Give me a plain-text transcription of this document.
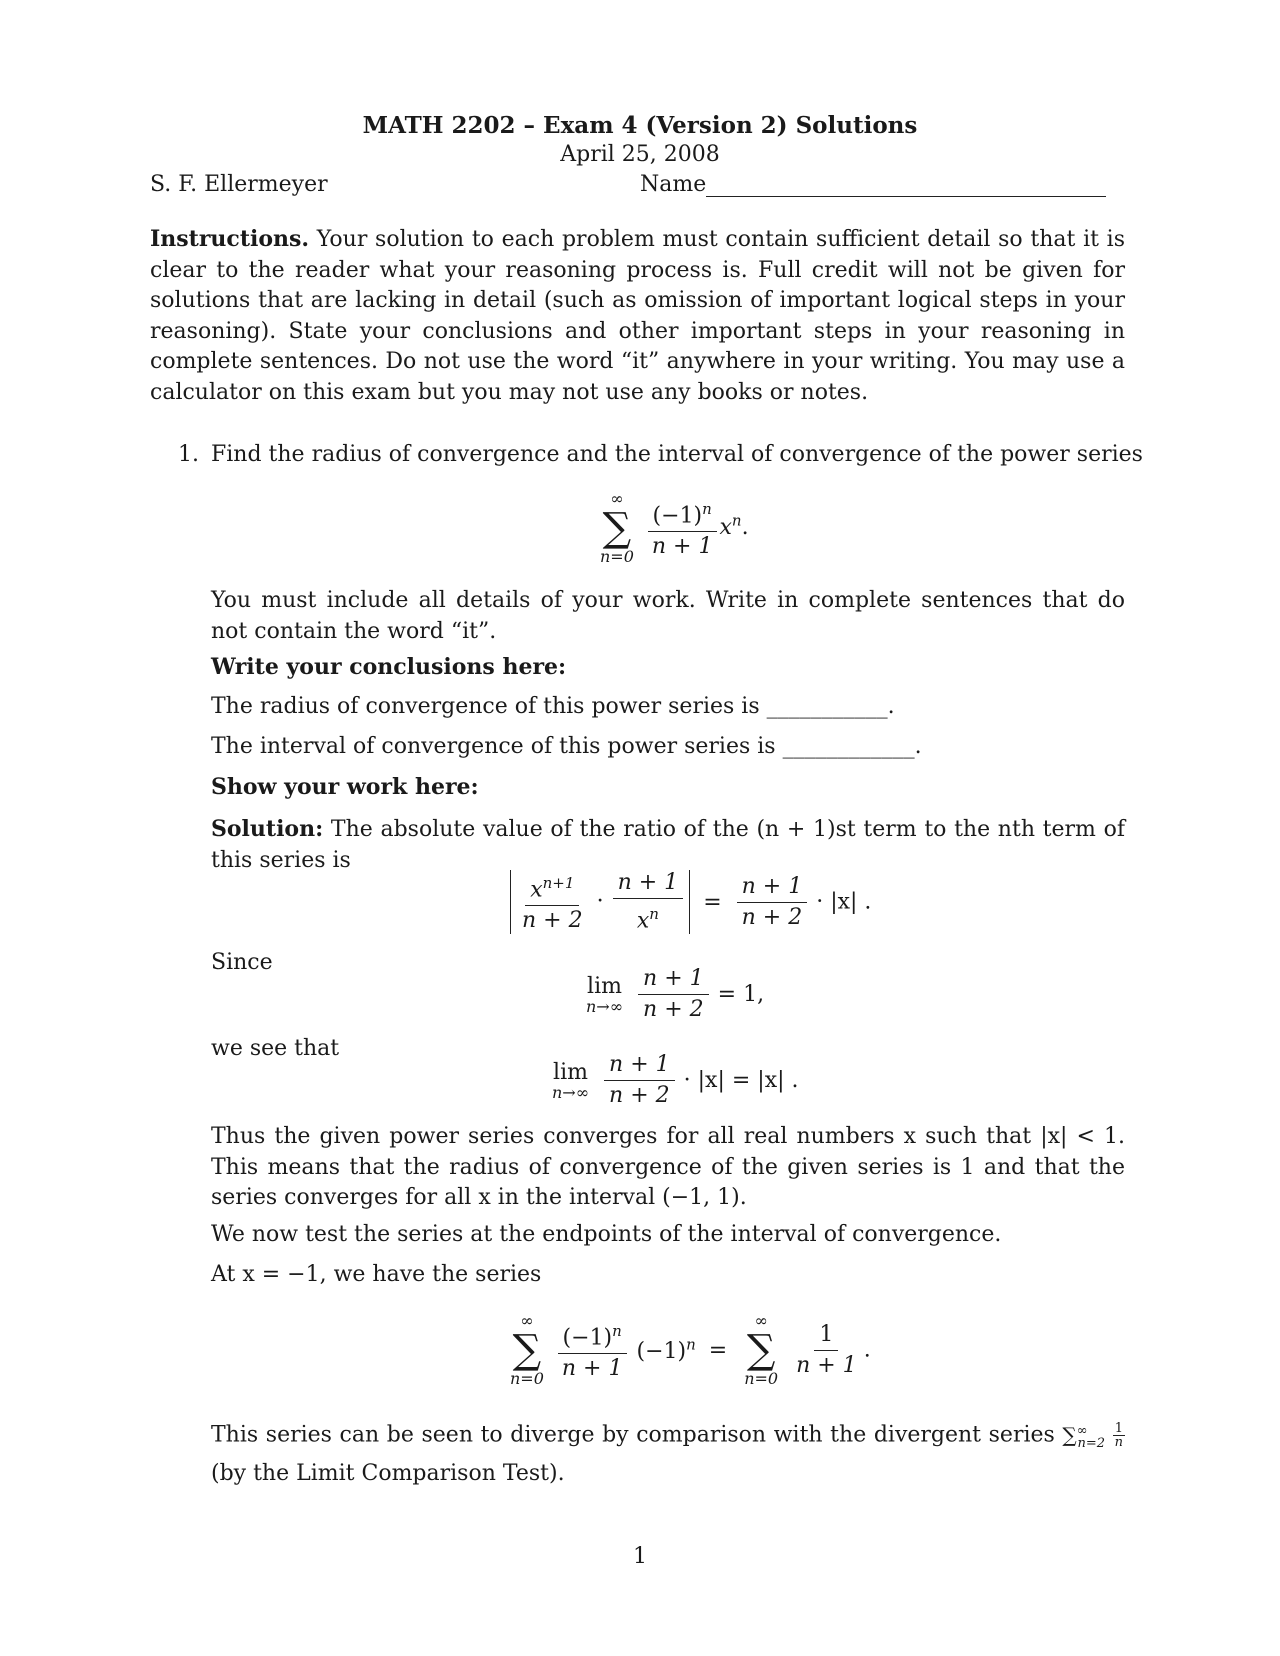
MATH 2202 – Exam 4 (Version 2) Solutions
April 25, 2008
S. F. Ellermeyer	Name
Instructions. Your solution to each problem must contain sufficient detail so that it is clear to the reader what your reasoning process is. Full credit will not be given for solutions that are lacking in detail (such as omission of important logical steps in your reasoning). State your conclusions and other important steps in your reasoning in complete sentences. Do not use the word “it” anywhere in your writing. You may use a calculator on this exam but you may not use any books or notes.
1. Find the radius of convergence and the interval of convergence of the power series
∞
∑
n=0
$\frac{(-1)^n}{n + 1} x^n$.
You must include all details of your work. Write in complete sentences that do not contain the word “it”.
Write your conclusions here:
The radius of convergence of this power series is ___________.
The interval of convergence of this power series is ____________.
Show your work here:
Solution: The absolute value of the ratio of the (n + 1)st term to the nth term of this series is
$\frac{x^{n+1}}{n + 2} \cdot \frac{n + 1}{x^n} = \frac{n + 1}{n + 2} \cdot |x|$ .
Since
lim
n→∞
$\frac{n + 1}{n + 2} = 1$,
we see that
lim
n→∞
$\frac{n + 1}{n + 2} \cdot |x| = |x|$ .
Thus the given power series converges for all real numbers x such that |x| < 1. This means that the radius of convergence of the given series is 1 and that the series converges for all x in the interval (−1, 1).
We now test the series at the endpoints of the interval of convergence.
At x = −1, we have the series
∞
∑
n=0
$\frac{(-1)^n}{n + 1} (-1)^n$ =
∞
∑
n=0
$\frac{1}{n + 1}$ .
This series can be seen to diverge by comparison with the divergent series $\sum^\infty_{n=2} \frac{1}{n}$
(by the Limit Comparison Test).
1
